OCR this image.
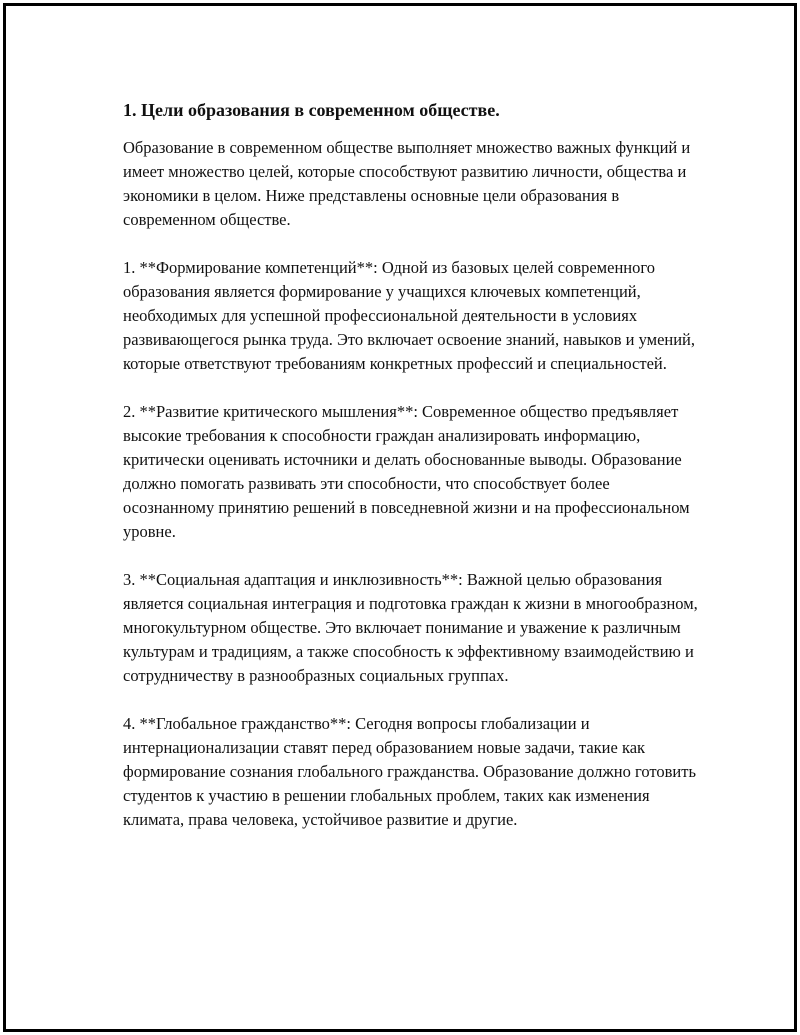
1. Цели образования в современном обществе.

Образование в современном обществе выполняет множество важных функций и имеет множество целей, которые способствуют развитию личности, общества и экономики в целом. Ниже представлены основные цели образования в современном обществе.

1. **Формирование компетенций**: Одной из базовых целей современного образования является формирование у учащихся ключевых компетенций, необходимых для успешной профессиональной деятельности в условиях развивающегося рынка труда. Это включает освоение знаний, навыков и умений, которые ответствуют требованиям конкретных профессий и специальностей.

2. **Развитие критического мышления**: Современное общество предъявляет высокие требования к способности граждан анализировать информацию, критически оценивать источники и делать обоснованные выводы. Образование должно помогать развивать эти способности, что способствует более осознанному принятию решений в повседневной жизни и на профессиональном уровне.

3. **Социальная адаптация и инклюзивность**: Важной целью образования является социальная интеграция и подготовка граждан к жизни в многообразном, многокультурном обществе. Это включает понимание и уважение к различным культурам и традициям, а также способность к эффективному взаимодействию и сотрудничеству в разнообразных социальных группах.

4. **Глобальное гражданство**: Сегодня вопросы глобализации и интернационализации ставят перед образованием новые задачи, такие как формирование сознания глобального гражданства. Образование должно готовить студентов к участию в решении глобальных проблем, таких как изменения климата, права человека, устойчивое развитие и другие.
